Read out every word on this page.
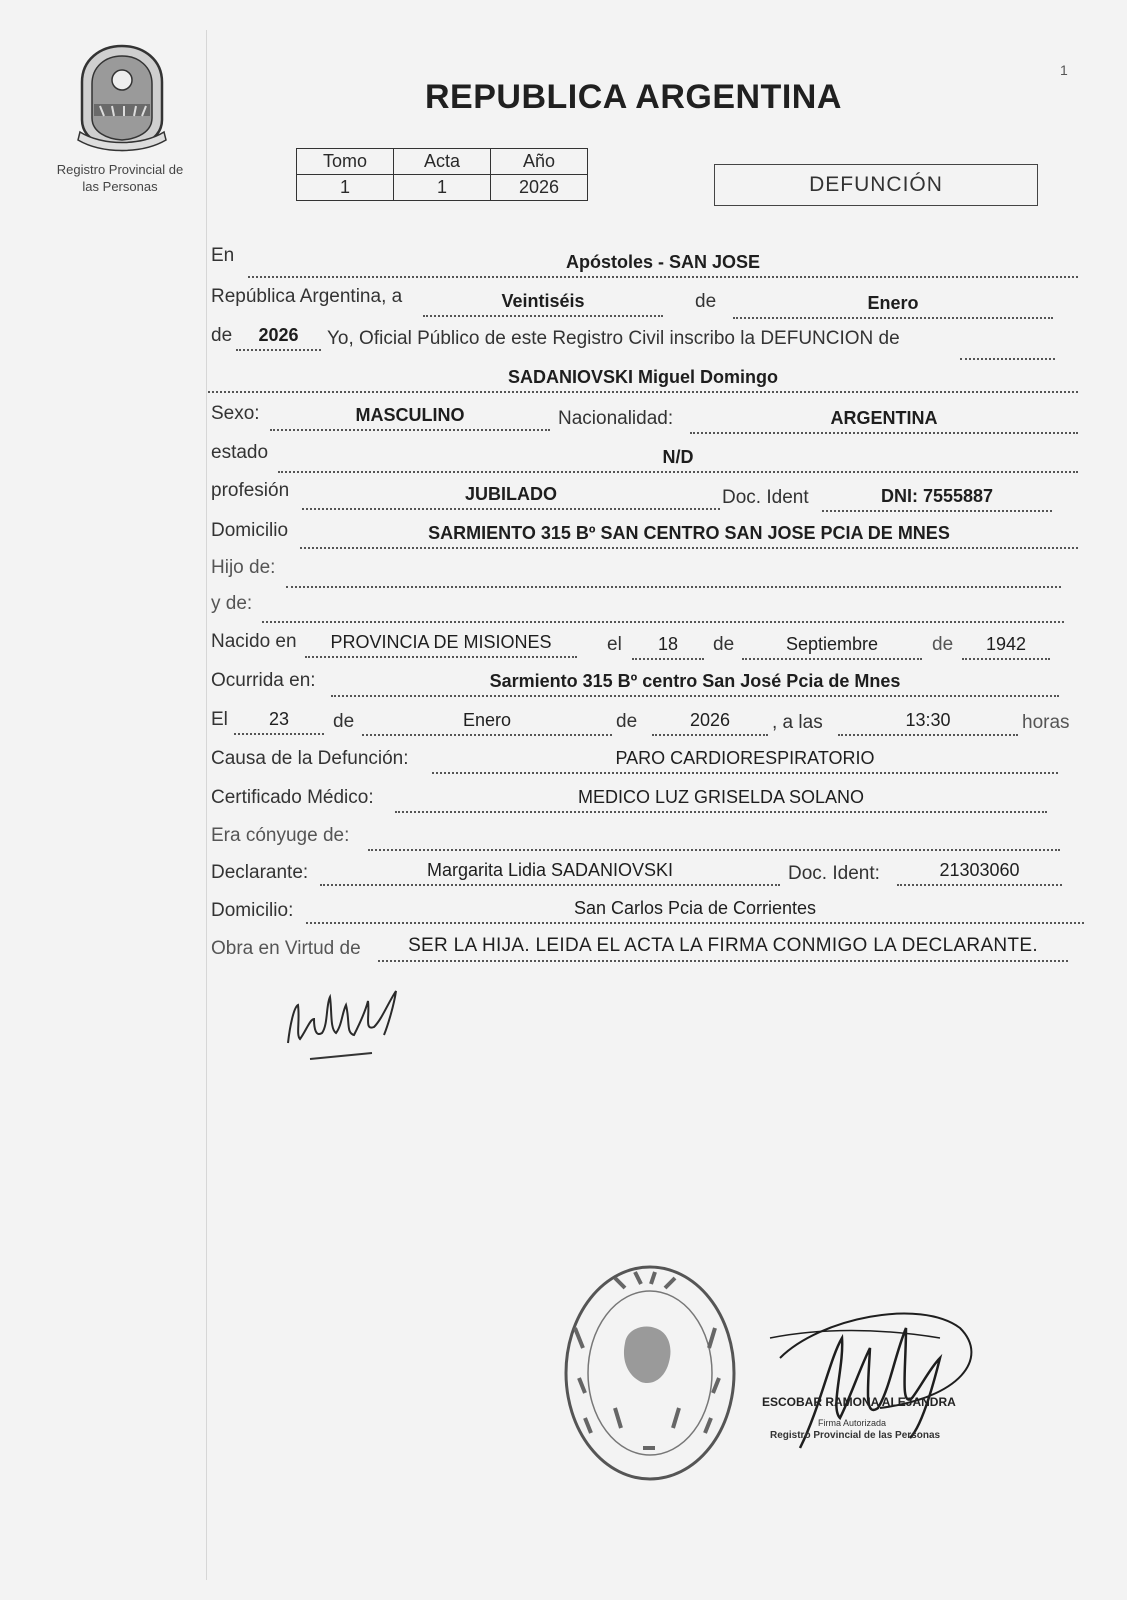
1
Registro Provincial de
las Personas
REPUBLICA ARGENTINA
Tomo	Acta	Año
1	1	2026	DEFUNCIÓN
En	Apóstoles - SAN JOSE
República Argentina, a	Veintiséis	de	Enero
de	2026	Yo, Oficial Público de este Registro Civil inscribo la DEFUNCION de
SADANIOVSKI Miguel Domingo
Sexo:	MASCULINO	Nacionalidad:	ARGENTINA
estado	N/D
profesión	JUBILADO	Doc. Ident	DNI: 7555887
Domicilio	SARMIENTO 315 Bº SAN CENTRO SAN JOSE PCIA DE MNES
Hijo de:
y de:
Nacido en	PROVINCIA DE MISIONES	el	18	de	Septiembre	de	1942
Ocurrida en:	Sarmiento 315 Bº centro San José Pcia de Mnes
El	23	de	Enero	de	2026	, a las	13:30	horas
Causa de la Defunción:	PARO CARDIORESPIRATORIO
Certificado Médico:	MEDICO LUZ GRISELDA SOLANO
Era cónyuge de:
Declarante:	Margarita Lidia SADANIOVSKI	Doc. Ident:	21303060
Domicilio:	San Carlos Pcia de Corrientes
Obra en Virtud de	SER LA HIJA. LEIDA EL ACTA LA FIRMA CONMIGO LA DECLARANTE.
ESCOBAR RAMONA ALEJANDRA
Firma Autorizada
Registro Provincial de las Personas
